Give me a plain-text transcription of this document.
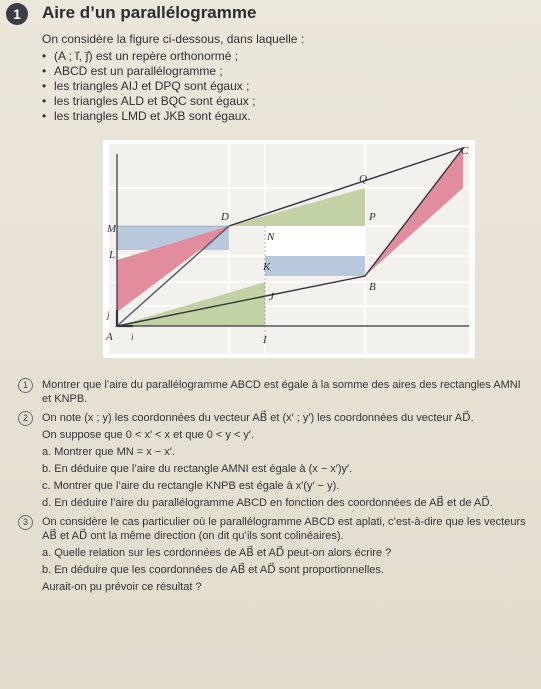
1	Aire d’un parallélogramme
On considère la figure ci-dessous, dans laquelle :
• (A ; i⃗, j⃗) est un repère orthonormé ;
• ABCD est un parallélogramme ;
• les triangles AIJ et DPQ sont égaux ;
• les triangles ALD et BQC sont égaux ;
• les triangles LMD et JKB sont égaux.
A
B
C
D
I
J
K
L
M
N
P
Q
i
j
1	Montrer que l’aire du parallélogramme ABCD est égale à la somme des aires des rectangles AMNI et KNPB.
2	On note (x ; y) les coordonnées du vecteur AB⃗ et (x′ ; y′) les coordonnées du vecteur AD⃗.
On suppose que 0 < x′ < x et que 0 < y < y′.
a. Montrer que MN = x − x′.
b. En déduire que l’aire du rectangle AMNI est égale à (x − x′)y′.
c. Montrer que l’aire du rectangle KNPB est égale à x′(y′ − y).
d. En déduire l’aire du parallélogramme ABCD en fonction des coordonnées de AB⃗ et de AD⃗.
3	On considère le cas particulier où le parallélogramme ABCD est aplati, c’est-à-dire que les vecteurs AB⃗ et AD⃗ ont la même direction (on dit qu’ils sont colinéaires).
a. Quelle relation sur les cordonnées de AB⃗ et AD⃗ peut-on alors écrire ?
b. En déduire que les coordonnées de AB⃗ et AD⃗ sont proportionnelles.
Aurait-on pu prévoir ce résultat ?
